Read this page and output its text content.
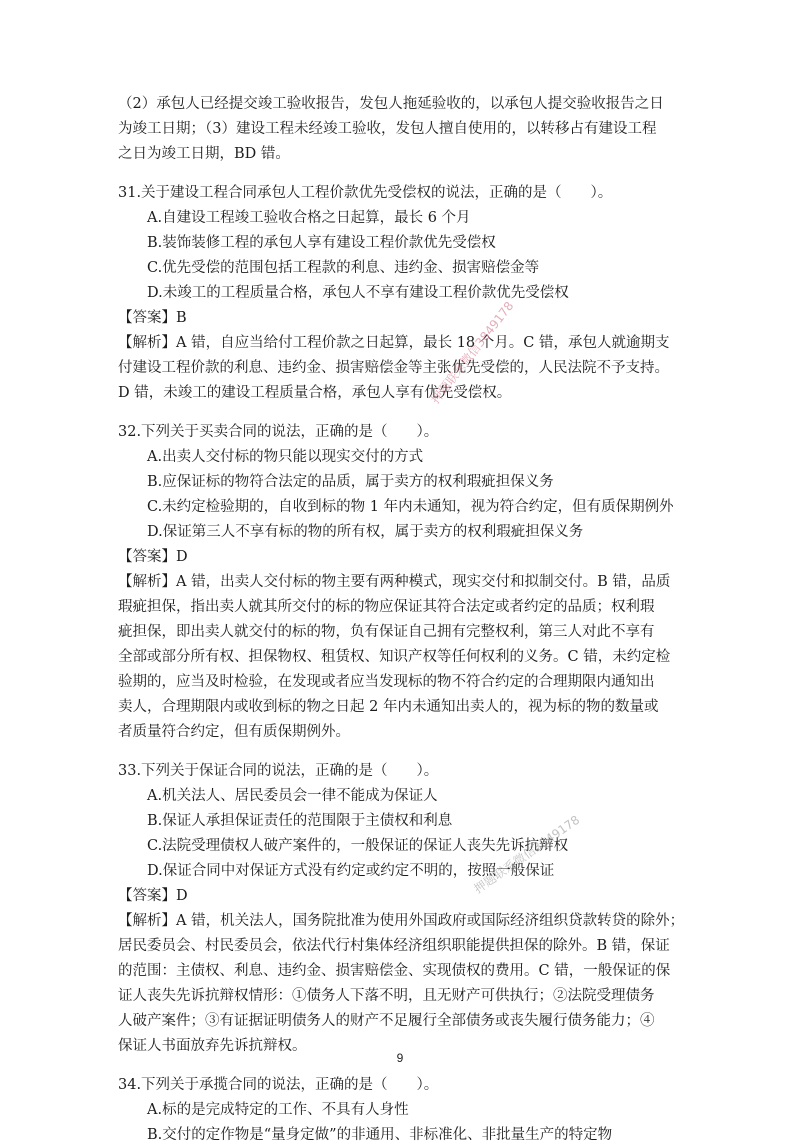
（2）承包人已经提交竣工验收报告，发包人拖延验收的，以承包人提交验收报告之日
为竣工日期；（3）建设工程未经竣工验收，发包人擅自使用的，以转移占有建设工程
之日为竣工日期，BD 错。
31.关于建设工程合同承包人工程价款优先受偿权的说法，正确的是（　　）。
A.自建设工程竣工验收合格之日起算，最长 6 个月
B.装饰装修工程的承包人享有建设工程价款优先受偿权
C.优先受偿的范围包括工程款的利息、违约金、损害赔偿金等
D.未竣工的工程质量合格，承包人不享有建设工程价款优先受偿权
【答案】B
【解析】A 错，自应当给付工程价款之日起算，最长 18 个月。C 错，承包人就逾期支
付建设工程价款的利息、违约金、损害赔偿金等主张优先受偿的，人民法院不予支持。
D 错，未竣工的建设工程质量合格，承包人享有优先受偿权。
32.下列关于买卖合同的说法，正确的是（　　）。
A.出卖人交付标的物只能以现实交付的方式
B.应保证标的物符合法定的品质，属于卖方的权利瑕疵担保义务
C.未约定检验期的，自收到标的物 1 年内未通知，视为符合约定，但有质保期例外
D.保证第三人不享有标的物的所有权，属于卖方的权利瑕疵担保义务
【答案】D
【解析】A 错，出卖人交付标的物主要有两种模式，现实交付和拟制交付。B 错，品质
瑕疵担保，指出卖人就其所交付的标的物应保证其符合法定或者约定的品质；权利瑕
疵担保，即出卖人就交付的标的物，负有保证自己拥有完整权利，第三人对此不享有
全部或部分所有权、担保物权、租赁权、知识产权等任何权利的义务。C 错，未约定检
验期的，应当及时检验，在发现或者应当发现标的物不符合约定的合理期限内通知出
卖人，合理期限内或收到标的物之日起 2 年内未通知出卖人的，视为标的物的数量或
者质量符合约定，但有质保期例外。
33.下列关于保证合同的说法，正确的是（　　）。
A.机关法人、居民委员会一律不能成为保证人
B.保证人承担保证责任的范围限于主债权和利息
C.法院受理债权人破产案件的，一般保证的保证人丧失先诉抗辩权
D.保证合同中对保证方式没有约定或约定不明的，按照一般保证
【答案】D
【解析】A 错，机关法人，国务院批准为使用外国政府或国际经济组织贷款转贷的除外；
居民委员会、村民委员会，依法代行村集体经济组织职能提供担保的除外。B 错，保证
的范围：主债权、利息、违约金、损害赔偿金、实现债权的费用。C 错，一般保证的保
证人丧失先诉抗辩权情形：①债务人下落不明，且无财产可供执行；②法院受理债务
人破产案件；③有证据证明债务人的财产不足履行全部债务或丧失履行债务能力；④
保证人书面放弃先诉抗辩权。
34.下列关于承揽合同的说法，正确的是（　　）。
A.标的是完成特定的工作、不具有人身性
B.交付的定作物是“量身定做”的非通用、非标准化、非批量生产的特定物
押题联系微信3849178
押题联系微信3849178
9
